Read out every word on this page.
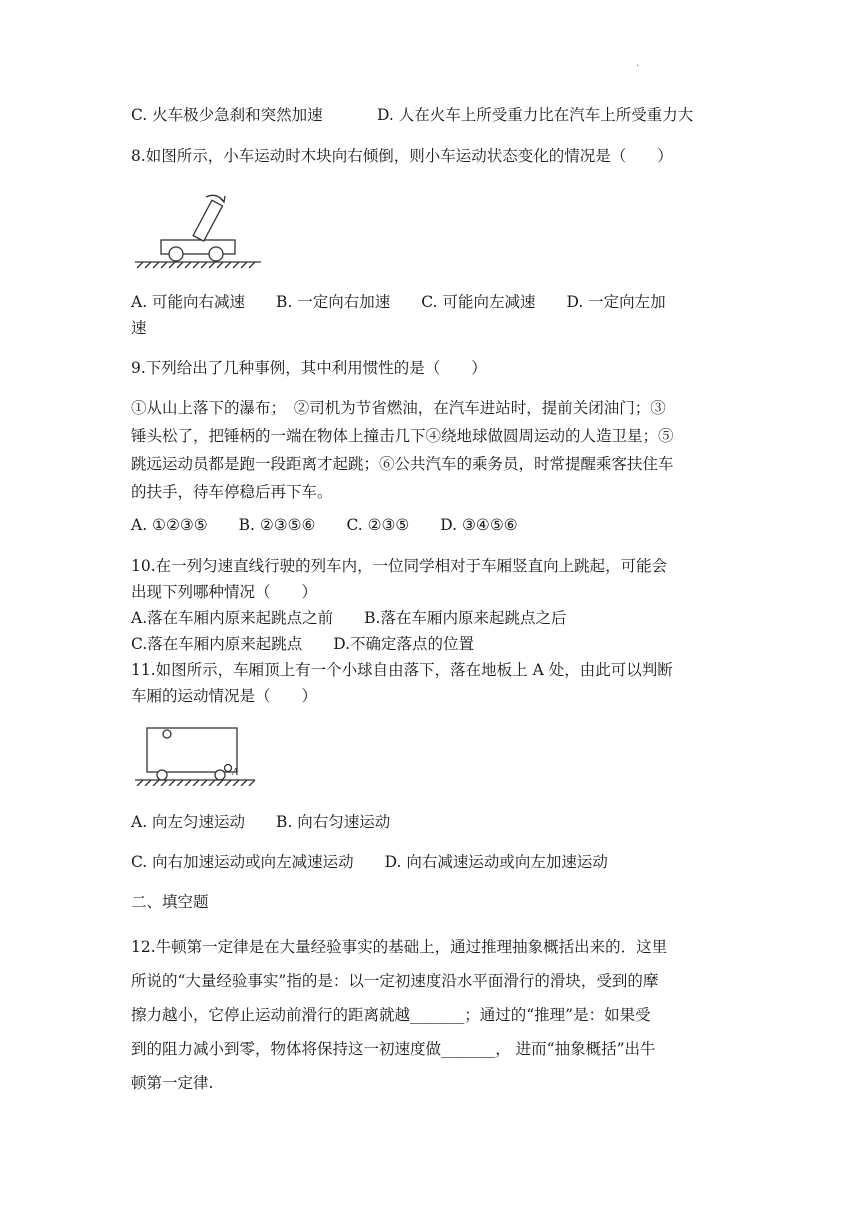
.
C. 火车极少急刹和突然加速	D. 人在火车上所受重力比在汽车上所受重力大
8.如图所示，小车运动时木块向右倾倒，则小车运动状态变化的情况是（　　）
A. 可能向右减速　　B. 一定向右加速　　C. 可能向左减速　　D. 一定向左加
速
9.下列给出了几种事例，其中利用惯性的是（　　）
①从山上落下的瀑布；　②司机为节省燃油，在汽车进站时，提前关闭油门；③
锤头松了，把锤柄的一端在物体上撞击几下④绕地球做圆周运动的人造卫星；⑤
跳远运动员都是跑一段距离才起跳；⑥公共汽车的乘务员，时常提醒乘客扶住车
的扶手，待车停稳后再下车。
A. ①②③⑤　　B. ②③⑤⑥　　C. ②③⑤　　D. ③④⑤⑥
10.在一列匀速直线行驶的列车内，一位同学相对于车厢竖直向上跳起，可能会
出现下列哪种情况（　　）
A.落在车厢内原来起跳点之前　　B.落在车厢内原来起跳点之后
C.落在车厢内原来起跳点　　D.不确定落点的位置
11.如图所示，车厢顶上有一个小球自由落下，落在地板上 A 处，由此可以判断
车厢的运动情况是（　　）
A
A. 向左匀速运动　　B. 向右匀速运动
C. 向右加速运动或向左减速运动　　D. 向右减速运动或向左加速运动
二、填空题
12.牛顿第一定律是在大量经验事实的基础上，通过推理抽象概括出来的．这里
所说的“大量经验事实”指的是：以一定初速度沿水平面滑行的滑块，受到的摩
擦力越小，它停止运动前滑行的距离就越_______；通过的“推理”是：如果受
到的阻力减小到零，物体将保持这一初速度做_______， 进而“抽象概括”出牛
顿第一定律.
